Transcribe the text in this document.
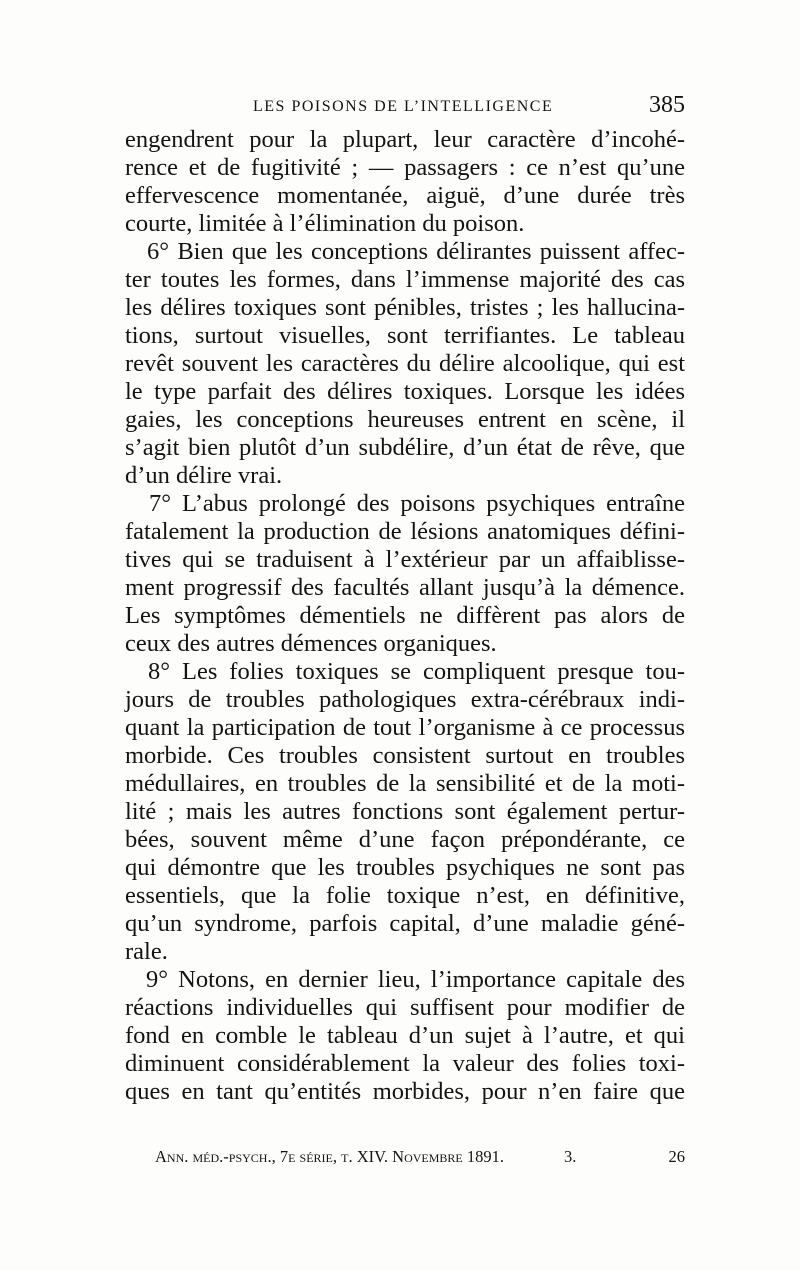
LES POISONS DE L’INTELLIGENCE	385
engendrent pour la plupart, leur caractère d’incohé-
rence et de fugitivité ; — passagers : ce n’est qu’une
effervescence momentanée, aiguë, d’une durée très
courte, limitée à l’élimination du poison.
6° Bien que les conceptions délirantes puissent affec-
ter toutes les formes, dans l’immense majorité des cas
les délires toxiques sont pénibles, tristes ; les hallucina-
tions, surtout visuelles, sont terrifiantes. Le tableau
revêt souvent les caractères du délire alcoolique, qui est
le type parfait des délires toxiques. Lorsque les idées
gaies, les conceptions heureuses entrent en scène, il
s’agit bien plutôt d’un subdélire, d’un état de rêve, que
d’un délire vrai.
7° L’abus prolongé des poisons psychiques entraîne
fatalement la production de lésions anatomiques défini-
tives qui se traduisent à l’extérieur par un affaiblisse-
ment progressif des facultés allant jusqu’à la démence.
Les symptômes démentiels ne diffèrent pas alors de
ceux des autres démences organiques.
8° Les folies toxiques se compliquent presque tou-
jours de troubles pathologiques extra-cérébraux indi-
quant la participation de tout l’organisme à ce processus
morbide. Ces troubles consistent surtout en troubles
médullaires, en troubles de la sensibilité et de la moti-
lité ; mais les autres fonctions sont également pertur-
bées, souvent même d’une façon prépondérante, ce
qui démontre que les troubles psychiques ne sont pas
essentiels, que la folie toxique n’est, en définitive,
qu’un syndrome, parfois capital, d’une maladie géné-
rale.
9° Notons, en dernier lieu, l’importance capitale des
réactions individuelles qui suffisent pour modifier de
fond en comble le tableau d’un sujet à l’autre, et qui
diminuent considérablement la valeur des folies toxi-
ques en tant qu’entités morbides, pour n’en faire que
Ann. méd.-psych., 7e série, t. XIV. Novembre 1891.	3.	26
